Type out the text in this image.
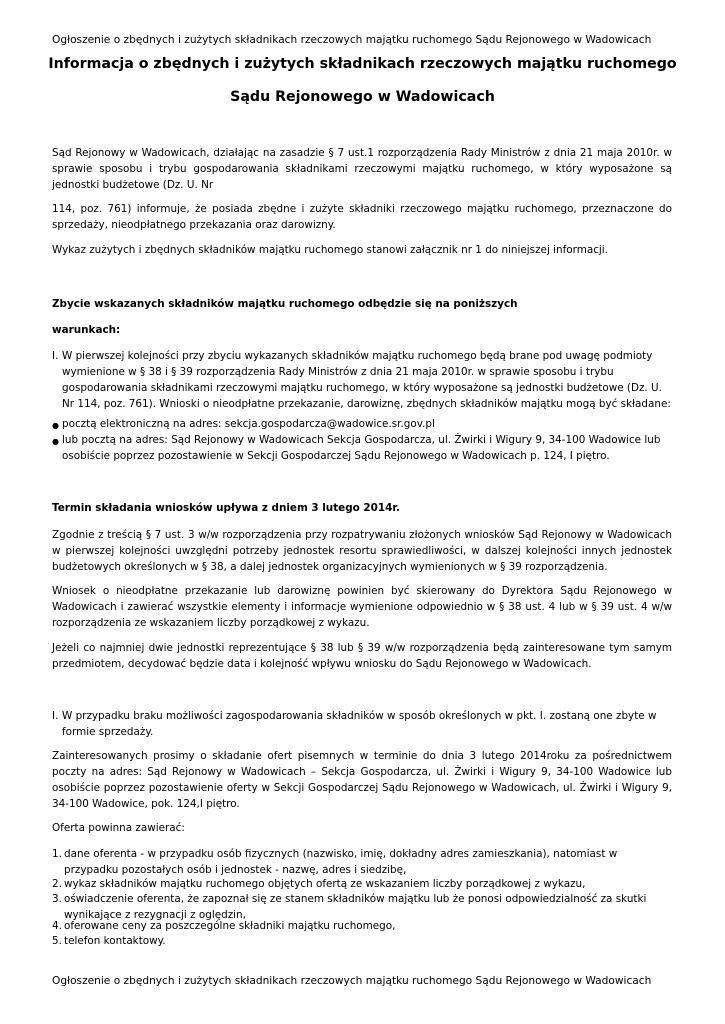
Ogłoszenie o zbędnych i zużytych składnikach rzeczowych majątku ruchomego Sądu Rejonowego w Wadowicach
Informacja o zbędnych i zużytych składnikach rzeczowych majątku ruchomego
Sądu Rejonowego w Wadowicach
Sąd Rejonowy w Wadowicach, działając na zasadzie § 7 ust.1 rozporządzenia Rady Ministrów z dnia 21 maja 2010r. w sprawie sposobu i trybu gospodarowania składnikami rzeczowymi majątku ruchomego, w który wyposażone są jednostki budżetowe (Dz. U. Nr
114, poz. 761) informuje, że posiada zbędne i zużyte składniki rzeczowego majątku ruchomego, przeznaczone do sprzedaży, nieodpłatnego przekazania oraz darowizny.
Wykaz zużytych i zbędnych składników majątku ruchomego stanowi załącznik nr 1 do niniejszej informacji.
Zbycie wskazanych składników majątku ruchomego odbędzie się na poniższych
warunkach:
I. W pierwszej kolejności przy zbyciu wykazanych składników majątku ruchomego będą brane pod uwagę podmioty wymienione w § 38 i § 39 rozporządzenia Rady Ministrów z dnia 21 maja 2010r. w sprawie sposobu i trybu gospodarowania składnikami rzeczowymi majątku ruchomego, w który wyposażone są jednostki budżetowe (Dz. U. Nr 114, poz. 761). Wnioski o nieodpłatne przekazanie, darowiznę, zbędnych składników majątku mogą być składane:
● pocztą elektroniczną na adres: sekcja.gospodarcza@wadowice.sr.gov.pl
● lub pocztą na adres: Sąd Rejonowy w Wadowicach Sekcja Gospodarcza, ul. Żwirki i Wigury 9, 34-100 Wadowice lub osobiście poprzez pozostawienie w Sekcji Gospodarczej Sądu Rejonowego w Wadowicach p. 124, I piętro.
Termin składania wniosków upływa z dniem 3 lutego 2014r.
Zgodnie z treścią § 7 ust. 3 w/w rozporządzenia przy rozpatrywaniu złożonych wniosków Sąd Rejonowy w Wadowicach w pierwszej kolejności uwzględni potrzeby jednostek resortu sprawiedliwości, w dalszej kolejności innych jednostek budżetowych określonych w § 38, a dalej jednostek organizacyjnych wymienionych w § 39 rozporządzenia.
Wniosek o nieodpłatne przekazanie lub darowiznę powinien być skierowany do Dyrektora Sądu Rejonowego w Wadowicach i zawierać wszystkie elementy i informacje wymienione odpowiednio w § 38 ust. 4 lub w § 39 ust. 4 w/w rozporządzenia ze wskazaniem liczby porządkowej z wykazu.
Jeżeli co najmniej dwie jednostki reprezentujące § 38 lub § 39 w/w rozporządzenia będą zainteresowane tym samym przedmiotem, decydować będzie data i kolejność wpływu wniosku do Sądu Rejonowego w Wadowicach.
I. W przypadku braku możliwości zagospodarowania składników w sposób określonych w pkt. I. zostaną one zbyte w formie sprzedaży.
Zainteresowanych prosimy o składanie ofert pisemnych w terminie do dnia 3 lutego 2014roku za pośrednictwem poczty na adres: Sąd Rejonowy w Wadowicach – Sekcja Gospodarcza, ul. Żwirki i Wigury 9, 34-100 Wadowice lub osobiście poprzez pozostawienie oferty w Sekcji Gospodarczej Sądu Rejonowego w Wadowicach, ul. Żwirki i Wigury 9, 34-100 Wadowice, pok. 124,I piętro.
Oferta powinna zawierać:
1. dane oferenta - w przypadku osób fizycznych (nazwisko, imię, dokładny adres zamieszkania), natomiast w przypadku pozostałych osób i jednostek - nazwę, adres i siedzibę,
2. wykaz składników majątku ruchomego objętych ofertą ze wskazaniem liczby porządkowej z wykazu,
3. oświadczenie oferenta, że zapoznał się ze stanem składników majątku lub że ponosi odpowiedzialność za skutki wynikające z rezygnacji z oględzin,
4. oferowane ceny za poszczególne składniki majątku ruchomego,
5. telefon kontaktowy.
Ogłoszenie o zbędnych i zużytych składnikach rzeczowych majątku ruchomego Sądu Rejonowego w Wadowicach
